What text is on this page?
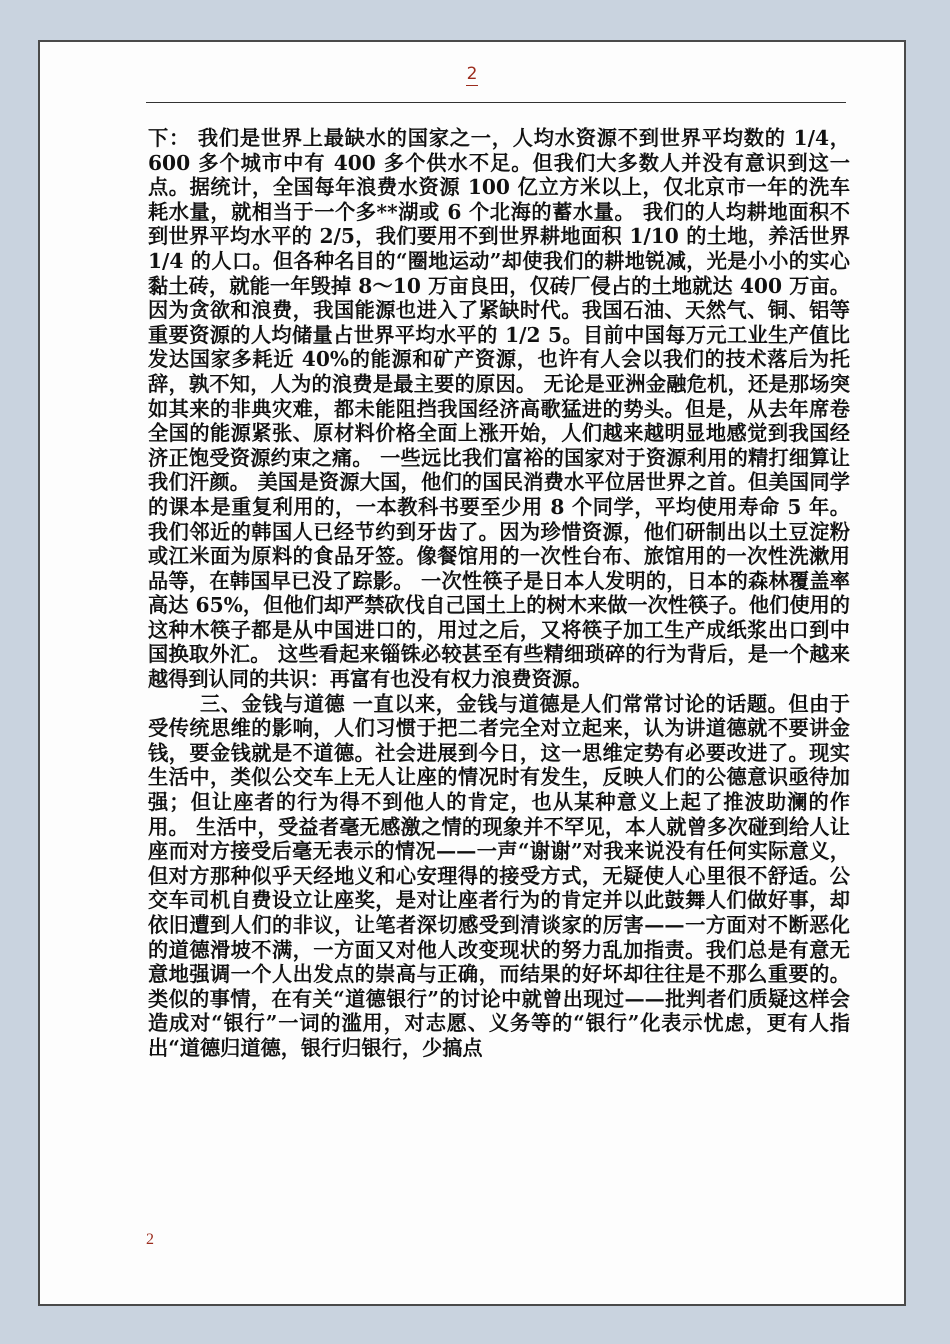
2

下： 我们是世界上最缺水的国家之一，人均水资源不到世界平均数的 1/4，600 多个城市中有 400 多个供水不足。但我们大多数人并没有意识到这一点。据统计，全国每年浪费水资源 100 亿立方米以上，仅北京市一年的洗车耗水量，就相当于一个多**湖或 6 个北海的蓄水量。 我们的人均耕地面积不到世界平均水平的 2/5，我们要用不到世界耕地面积 1/10 的土地，养活世界 1/4 的人口。但各种名目的“圈地运动”却使我们的耕地锐减，光是小小的实心黏土砖，就能一年毁掉 8～10 万亩良田，仅砖厂侵占的土地就达 400 万亩。 因为贪欲和浪费，我国能源也进入了紧缺时代。我国石油、天然气、铜、铝等重要资源的人均储量占世界平均水平的 1/2 5。目前中国每万元工业生产值比发达国家多耗近 40%的能源和矿产资源，也许有人会以我们的技术落后为托辞，孰不知，人为的浪费是最主要的原因。 无论是亚洲金融危机，还是那场突如其来的非典灾难，都未能阻挡我国经济高歌猛进的势头。但是，从去年席卷全国的能源紧张、原材料价格全面上涨开始，人们越来越明显地感觉到我国经济正饱受资源约束之痛。 一些远比我们富裕的国家对于资源利用的精打细算让我们汗颜。 美国是资源大国，他们的国民消费水平位居世界之首。但美国同学的课本是重复利用的，一本教科书要至少用 8 个同学，平均使用寿命 5 年。 我们邻近的韩国人已经节约到牙齿了。因为珍惜资源，他们研制出以土豆淀粉或江米面为原料的食品牙签。像餐馆用的一次性台布、旅馆用的一次性洗漱用品等，在韩国早已没了踪影。 一次性筷子是日本人发明的，日本的森林覆盖率高达 65%，但他们却严禁砍伐自己国土上的树木来做一次性筷子。他们使用的这种木筷子都是从中国进口的，用过之后，又将筷子加工生产成纸浆出口到中国换取外汇。 这些看起来锱铢必较甚至有些精细琐碎的行为背后，是一个越来越得到认同的共识：再富有也没有权力浪费资源。

三、金钱与道德 一直以来，金钱与道德是人们常常讨论的话题。但由于受传统思维的影响，人们习惯于把二者完全对立起来，认为讲道德就不要讲金钱，要金钱就是不道德。社会进展到今日，这一思维定势有必要改进了。现实生活中，类似公交车上无人让座的情况时有发生，反映人们的公德意识亟待加强；但让座者的行为得不到他人的肯定，也从某种意义上起了推波助澜的作用。 生活中，受益者毫无感激之情的现象并不罕见，本人就曾多次碰到给人让座而对方接受后毫无表示的情况——一声“谢谢”对我来说没有任何实际意义，但对方那种似乎天经地义和心安理得的接受方式，无疑使人心里很不舒适。公交车司机自费设立让座奖，是对让座者行为的肯定并以此鼓舞人们做好事，却依旧遭到人们的非议，让笔者深切感受到清谈家的厉害——一方面对不断恶化的道德滑坡不满，一方面又对他人改变现状的努力乱加指责。我们总是有意无意地强调一个人出发点的崇高与正确，而结果的好坏却往往是不那么重要的。 类似的事情，在有关“道德银行”的讨论中就曾出现过——批判者们质疑这样会造成对“银行”一词的滥用，对志愿、义务等的“银行”化表示忧虑，更有人指出“道德归道德，银行归银行，少搞点

2
